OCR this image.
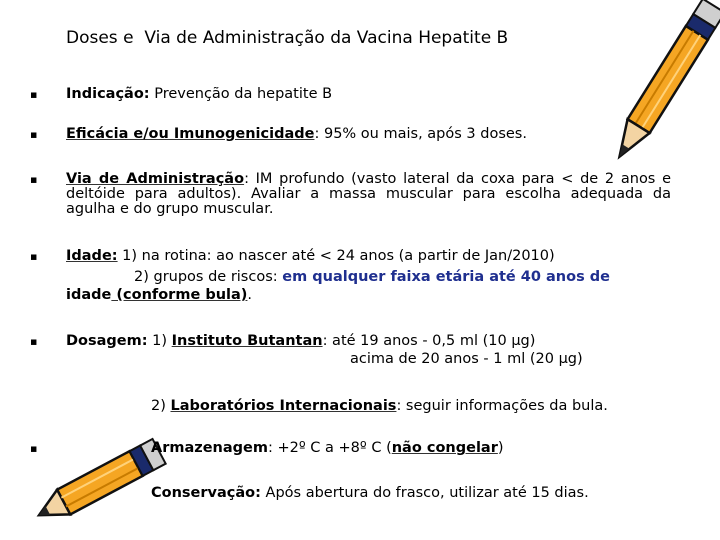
Doses e  Via de Administração da Vacina Hepatite B
▪ Indicação: Prevenção da hepatite B
▪ Eficácia e/ou Imunogenicidade: 95% ou mais, após 3 doses.
▪ Via de Administração: IM profundo (vasto lateral da coxa para < de 2 anos e deltóide para adultos). Avaliar a massa muscular para escolha adequada da agulha e do grupo muscular.
▪ Idade: 1) na rotina: ao nascer até < 24 anos (a partir de Jan/2010)
2) grupos de riscos: em qualquer faixa etária até 40 anos de
idade (conforme bula).
▪ Dosagem: 1) Instituto Butantan: até 19 anos - 0,5 ml (10 µg)
acima de 20 anos - 1 ml (20 µg)
2) Laboratórios Internacionais: seguir informações da bula.
▪	Armazenagem: +2º C a +8º C (não congelar)
Conservação: Após abertura do frasco, utilizar até 15 dias.
